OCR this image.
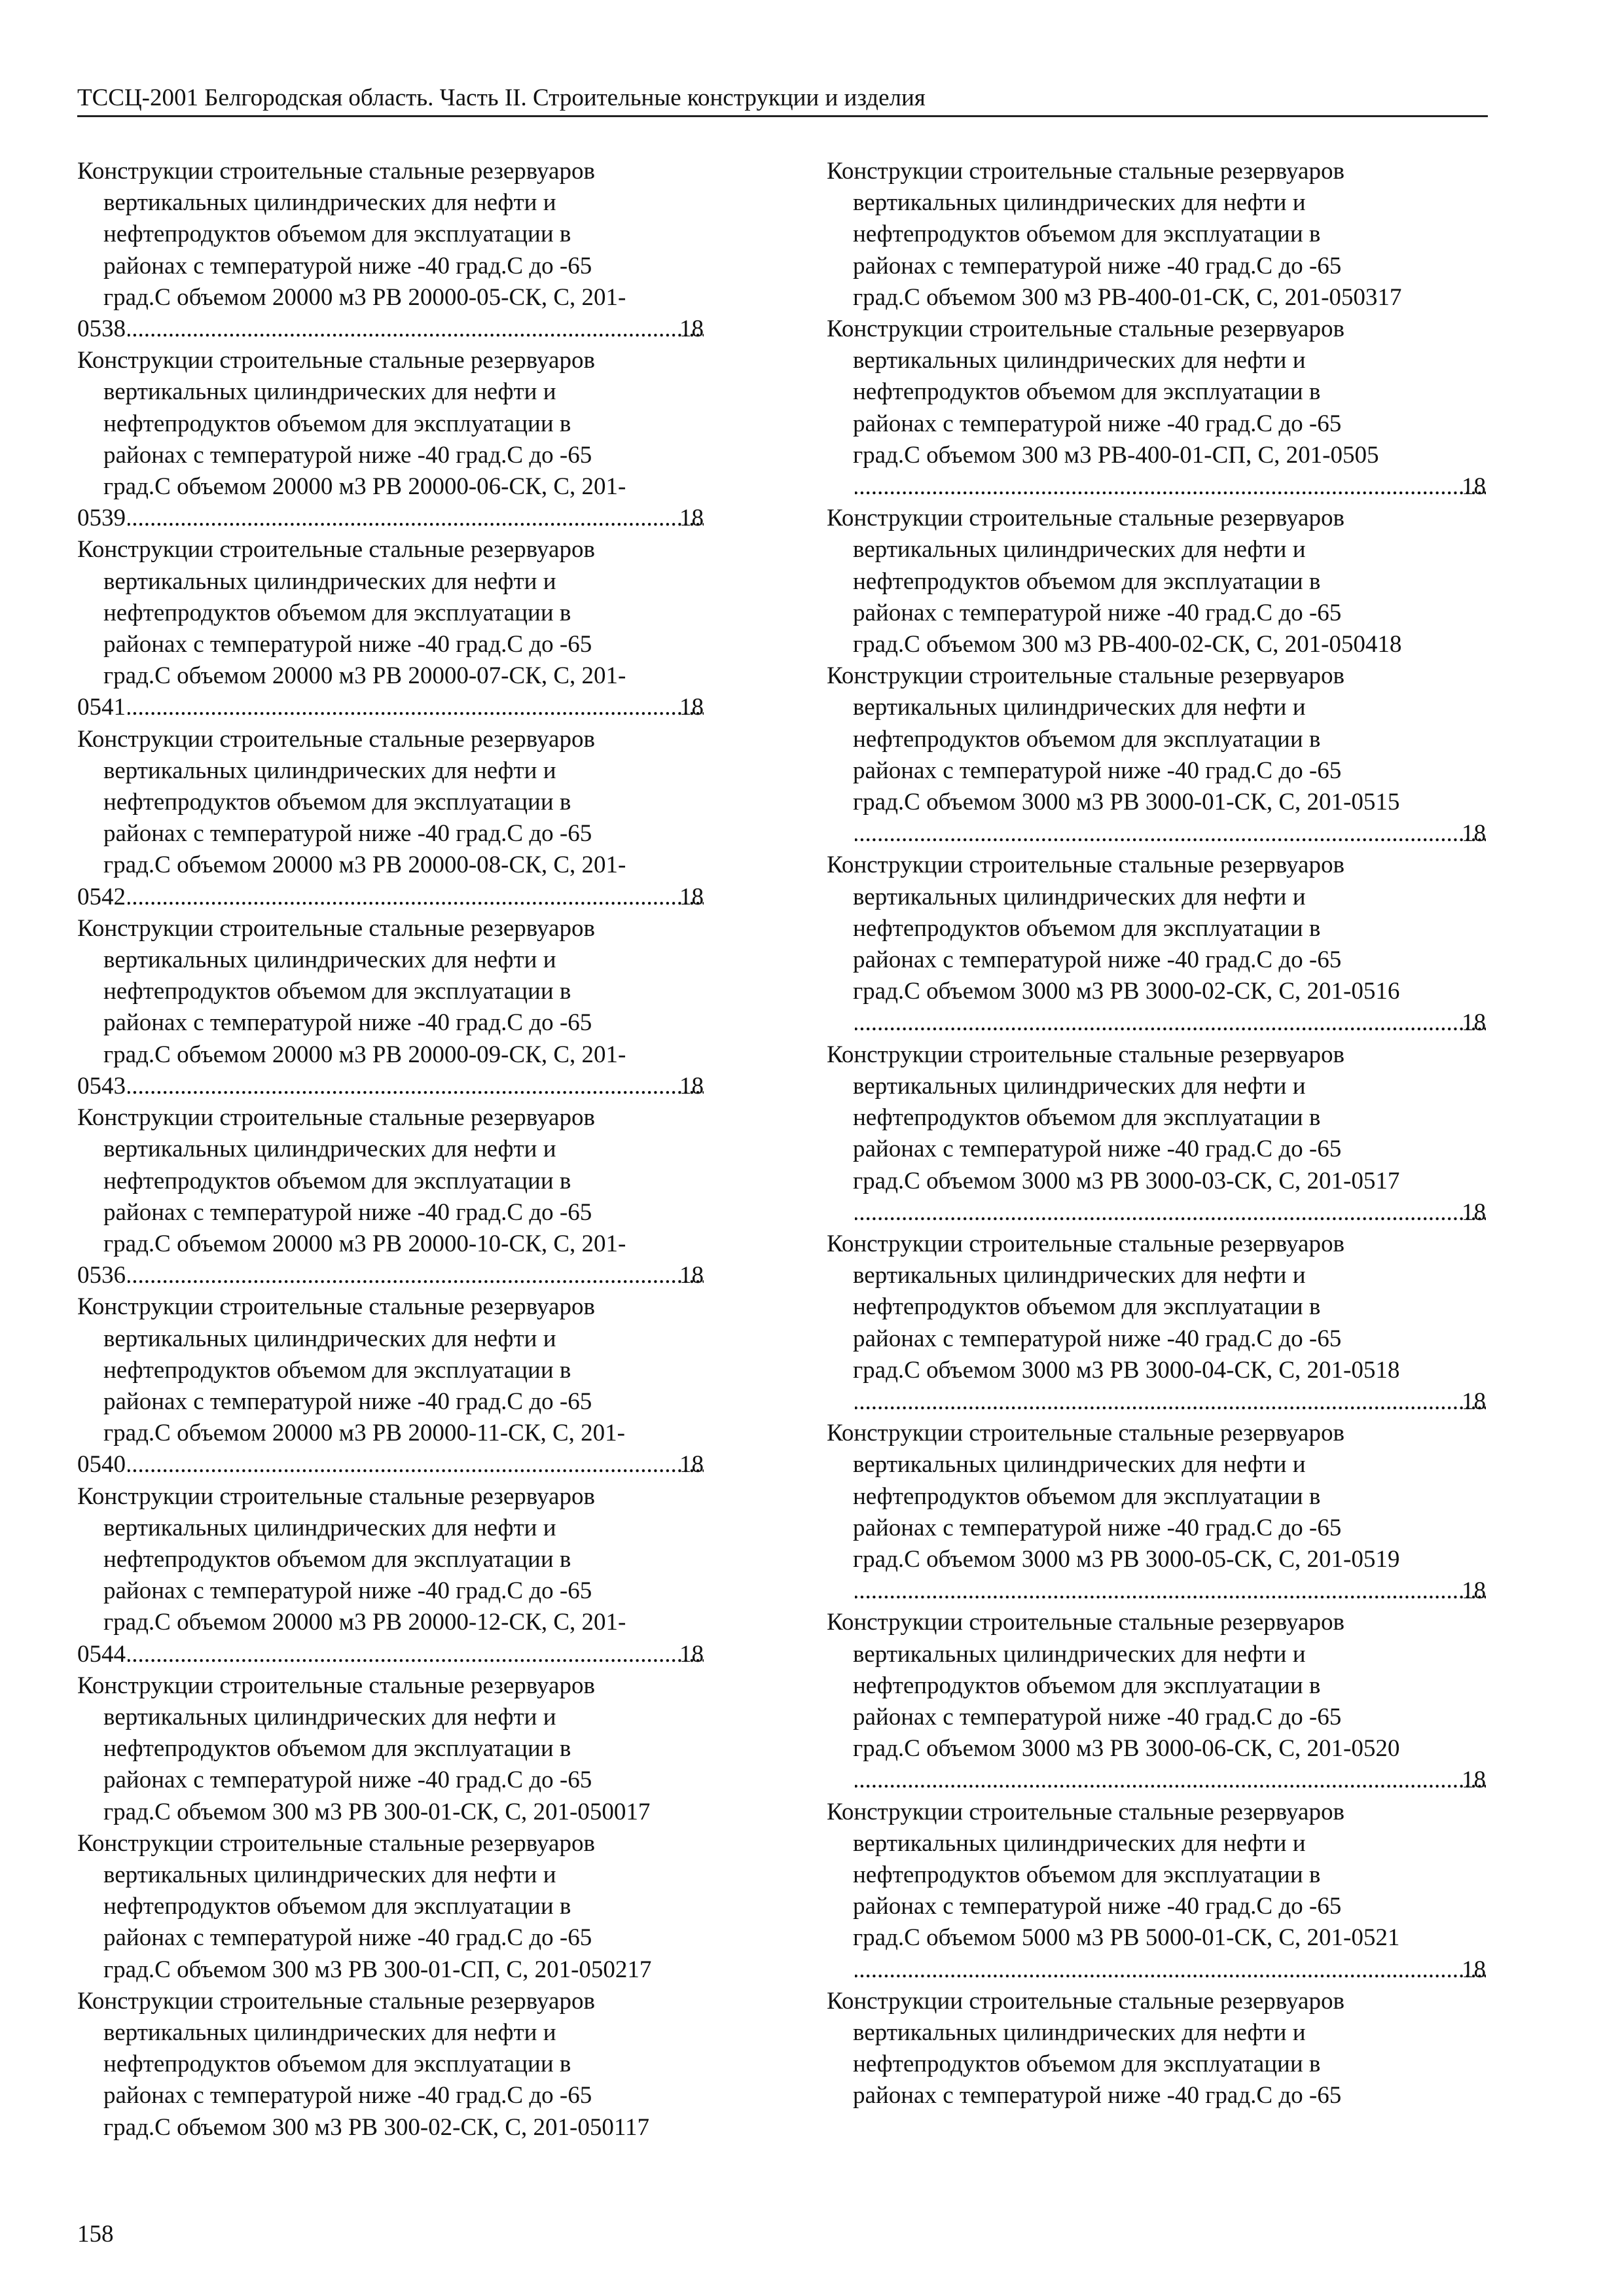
ТССЦ-2001 Белгородская область. Часть II. Строительные конструкции и изделия
Конструкции строительные стальные резервуаров
вертикальных цилиндрических для нефти и
нефтепродуктов объемом для эксплуатации в
районах с температурой ниже -40 град.С до -65
град.С объемом 20000 м3 РВ 20000-05-СК, С, 201-
0538 .....	18
Конструкции строительные стальные резервуаров
вертикальных цилиндрических для нефти и
нефтепродуктов объемом для эксплуатации в
районах с температурой ниже -40 град.С до -65
град.С объемом 20000 м3 РВ 20000-06-СК, С, 201-
0539 .....	18
Конструкции строительные стальные резервуаров
вертикальных цилиндрических для нефти и
нефтепродуктов объемом для эксплуатации в
районах с температурой ниже -40 град.С до -65
град.С объемом 20000 м3 РВ 20000-07-СК, С, 201-
0541 .....	18
Конструкции строительные стальные резервуаров
вертикальных цилиндрических для нефти и
нефтепродуктов объемом для эксплуатации в
районах с температурой ниже -40 град.С до -65
град.С объемом 20000 м3 РВ 20000-08-СК, С, 201-
0542 .....	18
Конструкции строительные стальные резервуаров
вертикальных цилиндрических для нефти и
нефтепродуктов объемом для эксплуатации в
районах с температурой ниже -40 град.С до -65
град.С объемом 20000 м3 РВ 20000-09-СК, С, 201-
0543 .....	18
Конструкции строительные стальные резервуаров
вертикальных цилиндрических для нефти и
нефтепродуктов объемом для эксплуатации в
районах с температурой ниже -40 град.С до -65
град.С объемом 20000 м3 РВ 20000-10-СК, С, 201-
0536 .....	18
Конструкции строительные стальные резервуаров
вертикальных цилиндрических для нефти и
нефтепродуктов объемом для эксплуатации в
районах с температурой ниже -40 град.С до -65
град.С объемом 20000 м3 РВ 20000-11-СК, С, 201-
0540 .....	18
Конструкции строительные стальные резервуаров
вертикальных цилиндрических для нефти и
нефтепродуктов объемом для эксплуатации в
районах с температурой ниже -40 град.С до -65
град.С объемом 20000 м3 РВ 20000-12-СК, С, 201-
0544 .....	18
Конструкции строительные стальные резервуаров
вертикальных цилиндрических для нефти и
нефтепродуктов объемом для эксплуатации в
районах с температурой ниже -40 град.С до -65
град.С объемом 300 м3 РВ 300-01-СК, С, 201-050017
Конструкции строительные стальные резервуаров
вертикальных цилиндрических для нефти и
нефтепродуктов объемом для эксплуатации в
районах с температурой ниже -40 град.С до -65
град.С объемом 300 м3 РВ 300-01-СП, С, 201-050217
Конструкции строительные стальные резервуаров
вертикальных цилиндрических для нефти и
нефтепродуктов объемом для эксплуатации в
районах с температурой ниже -40 град.С до -65
град.С объемом 300 м3 РВ 300-02-СК, С, 201-050117
Конструкции строительные стальные резервуаров
вертикальных цилиндрических для нефти и
нефтепродуктов объемом для эксплуатации в
районах с температурой ниже -40 град.С до -65
град.С объемом 300 м3 РВ-400-01-СК, С, 201-050317
Конструкции строительные стальные резервуаров
вертикальных цилиндрических для нефти и
нефтепродуктов объемом для эксплуатации в
районах с температурой ниже -40 град.С до -65
град.С объемом 300 м3 РВ-400-01-СП, С, 201-0505
.....
18
Конструкции строительные стальные резервуаров
вертикальных цилиндрических для нефти и
нефтепродуктов объемом для эксплуатации в
районах с температурой ниже -40 град.С до -65
град.С объемом 300 м3 РВ-400-02-СК, С, 201-050418
Конструкции строительные стальные резервуаров
вертикальных цилиндрических для нефти и
нефтепродуктов объемом для эксплуатации в
районах с температурой ниже -40 град.С до -65
град.С объемом 3000 м3 РВ 3000-01-СК, С, 201-0515
.....
18
Конструкции строительные стальные резервуаров
вертикальных цилиндрических для нефти и
нефтепродуктов объемом для эксплуатации в
районах с температурой ниже -40 град.С до -65
град.С объемом 3000 м3 РВ 3000-02-СК, С, 201-0516
.....
18
Конструкции строительные стальные резервуаров
вертикальных цилиндрических для нефти и
нефтепродуктов объемом для эксплуатации в
районах с температурой ниже -40 град.С до -65
град.С объемом 3000 м3 РВ 3000-03-СК, С, 201-0517
.....
18
Конструкции строительные стальные резервуаров
вертикальных цилиндрических для нефти и
нефтепродуктов объемом для эксплуатации в
районах с температурой ниже -40 град.С до -65
град.С объемом 3000 м3 РВ 3000-04-СК, С, 201-0518
.....
18
Конструкции строительные стальные резервуаров
вертикальных цилиндрических для нефти и
нефтепродуктов объемом для эксплуатации в
районах с температурой ниже -40 град.С до -65
град.С объемом 3000 м3 РВ 3000-05-СК, С, 201-0519
.....
18
Конструкции строительные стальные резервуаров
вертикальных цилиндрических для нефти и
нефтепродуктов объемом для эксплуатации в
районах с температурой ниже -40 град.С до -65
град.С объемом 3000 м3 РВ 3000-06-СК, С, 201-0520
.....
18
Конструкции строительные стальные резервуаров
вертикальных цилиндрических для нефти и
нефтепродуктов объемом для эксплуатации в
районах с температурой ниже -40 град.С до -65
град.С объемом 5000 м3 РВ 5000-01-СК, С, 201-0521
.....
18
Конструкции строительные стальные резервуаров
вертикальных цилиндрических для нефти и
нефтепродуктов объемом для эксплуатации в
районах с температурой ниже -40 град.С до -65
158
